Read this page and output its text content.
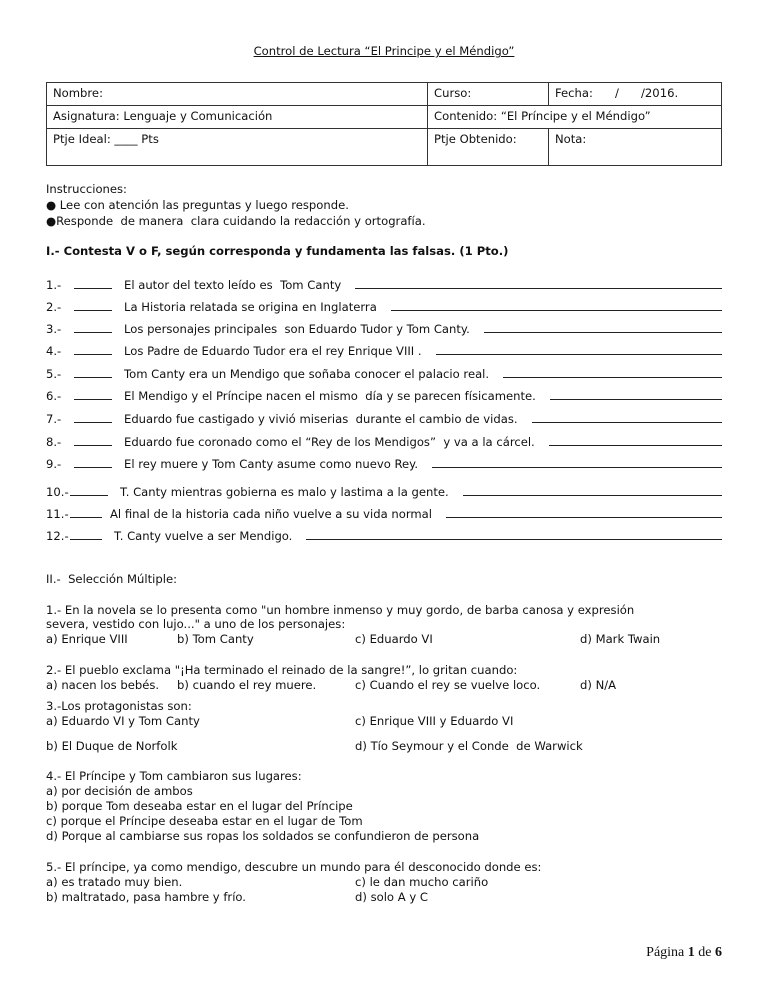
Control de Lectura “El Principe y el Méndigo”
Nombre:	Curso:	Fecha:      /      /2016.
Asignatura: Lenguaje y Comunicación	Contenido: “El Príncipe y el Méndigo”	
Ptje Ideal: ____ Pts	Ptje Obtenido:	Nota:
Instrucciones:
● Lee con atención las preguntas y luego responde.
●Responde  de manera  clara cuidando la redacción y ortografía.
I.- Contesta V o F, según corresponda y fundamenta las falsas. (1 Pto.)
1.-	El autor del texto leído es  Tom Canty
2.-	La Historia relatada se origina en Inglaterra
3.-	Los personajes principales  son Eduardo Tudor y Tom Canty.
4.-	Los Padre de Eduardo Tudor era el rey Enrique VIII .
5.-	Tom Canty era un Mendigo que soñaba conocer el palacio real.
6.-	El Mendigo y el Príncipe nacen el mismo  día y se parecen físicamente.
7.-	Eduardo fue castigado y vivió miserias  durante el cambio de vidas.
8.-	Eduardo fue coronado como el “Rey de los Mendigos”  y va a la cárcel.
9.-	El rey muere y Tom Canty asume como nuevo Rey.
10.-	T. Canty mientras gobierna es malo y lastima a la gente.
11.-	Al final de la historia cada niño vuelve a su vida normal
12.-	T. Canty vuelve a ser Mendigo.
II.-  Selección Múltiple:
1.- En la novela se lo presenta como "un hombre inmenso y muy gordo, de barba canosa y expresión
severa, vestido con lujo..." a uno de los personajes:
a) Enrique VIII	b) Tom Canty	c) Eduardo VI	d) Mark Twain
2.- El pueblo exclama "¡Ha terminado el reinado de la sangre!”, lo gritan cuando:
a) nacen los bebés. b) cuando el rey muere.	c) Cuando el rey se vuelve loco.	d) N/A
3.-Los protagonistas son:
a) Eduardo VI y Tom Canty	c) Enrique VIII y Eduardo VI
b) El Duque de Norfolk	d) Tío Seymour y el Conde  de Warwick
4.- El Príncipe y Tom cambiaron sus lugares:
a) por decisión de ambos
b) porque Tom deseaba estar en el lugar del Príncipe
c) porque el Príncipe deseaba estar en el lugar de Tom
d) Porque al cambiarse sus ropas los soldados se confundieron de persona
5.- El príncipe, ya como mendigo, descubre un mundo para él desconocido donde es:
a) es tratado muy bien.	c) le dan mucho cariño
b) maltratado, pasa hambre y frío.	d) solo A y C
Página 1 de 6
